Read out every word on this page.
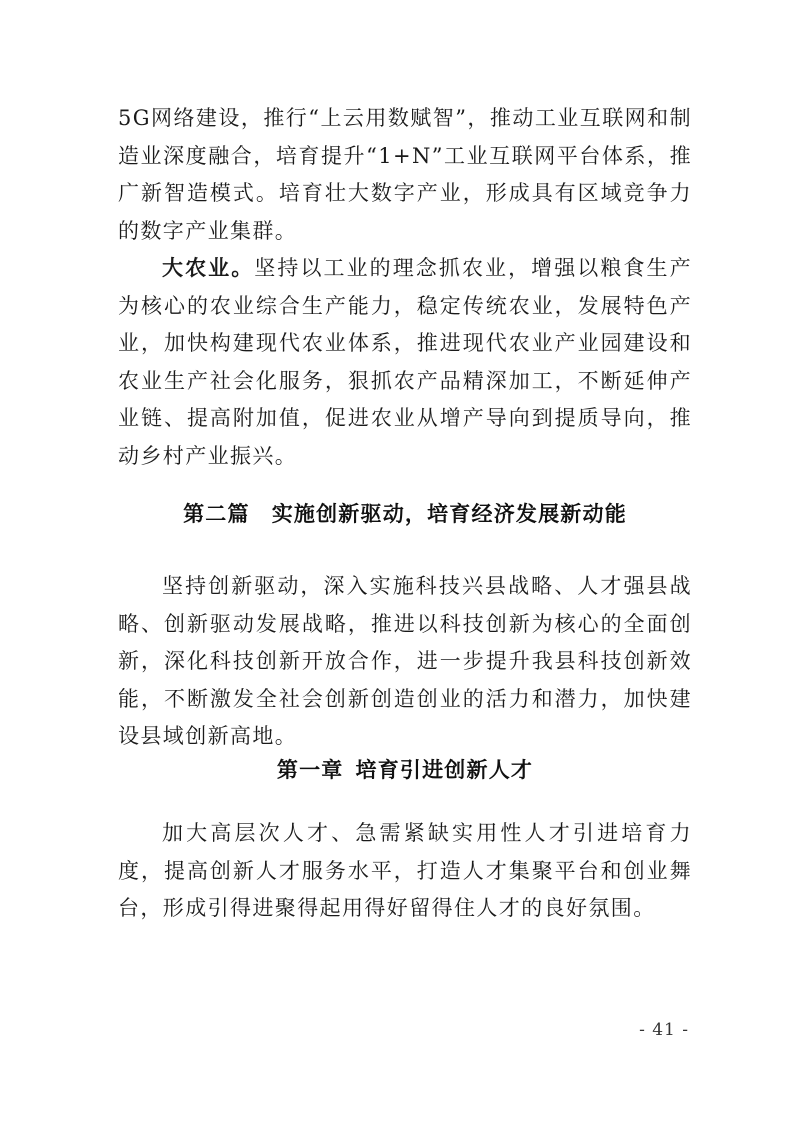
5G网络建设，推行“上云用数赋智”，推动工业互联网和制造业深度融合，培育提升“1+N”工业互联网平台体系，推广新智造模式。培育壮大数字产业，形成具有区域竞争力的数字产业集群。

大农业。坚持以工业的理念抓农业，增强以粮食生产为核心的农业综合生产能力，稳定传统农业，发展特色产业，加快构建现代农业体系，推进现代农业产业园建设和农业生产社会化服务，狠抓农产品精深加工，不断延伸产业链、提高附加值，促进农业从增产导向到提质导向，推动乡村产业振兴。

第二篇 实施创新驱动，培育经济发展新动能

坚持创新驱动，深入实施科技兴县战略、人才强县战略、创新驱动发展战略，推进以科技创新为核心的全面创新，深化科技创新开放合作，进一步提升我县科技创新效能，不断激发全社会创新创造创业的活力和潜力，加快建设县域创新高地。

第一章 培育引进创新人才

加大高层次人才、急需紧缺实用性人才引进培育力度，提高创新人才服务水平，打造人才集聚平台和创业舞台，形成引得进聚得起用得好留得住人才的良好氛围。

- 41 -
